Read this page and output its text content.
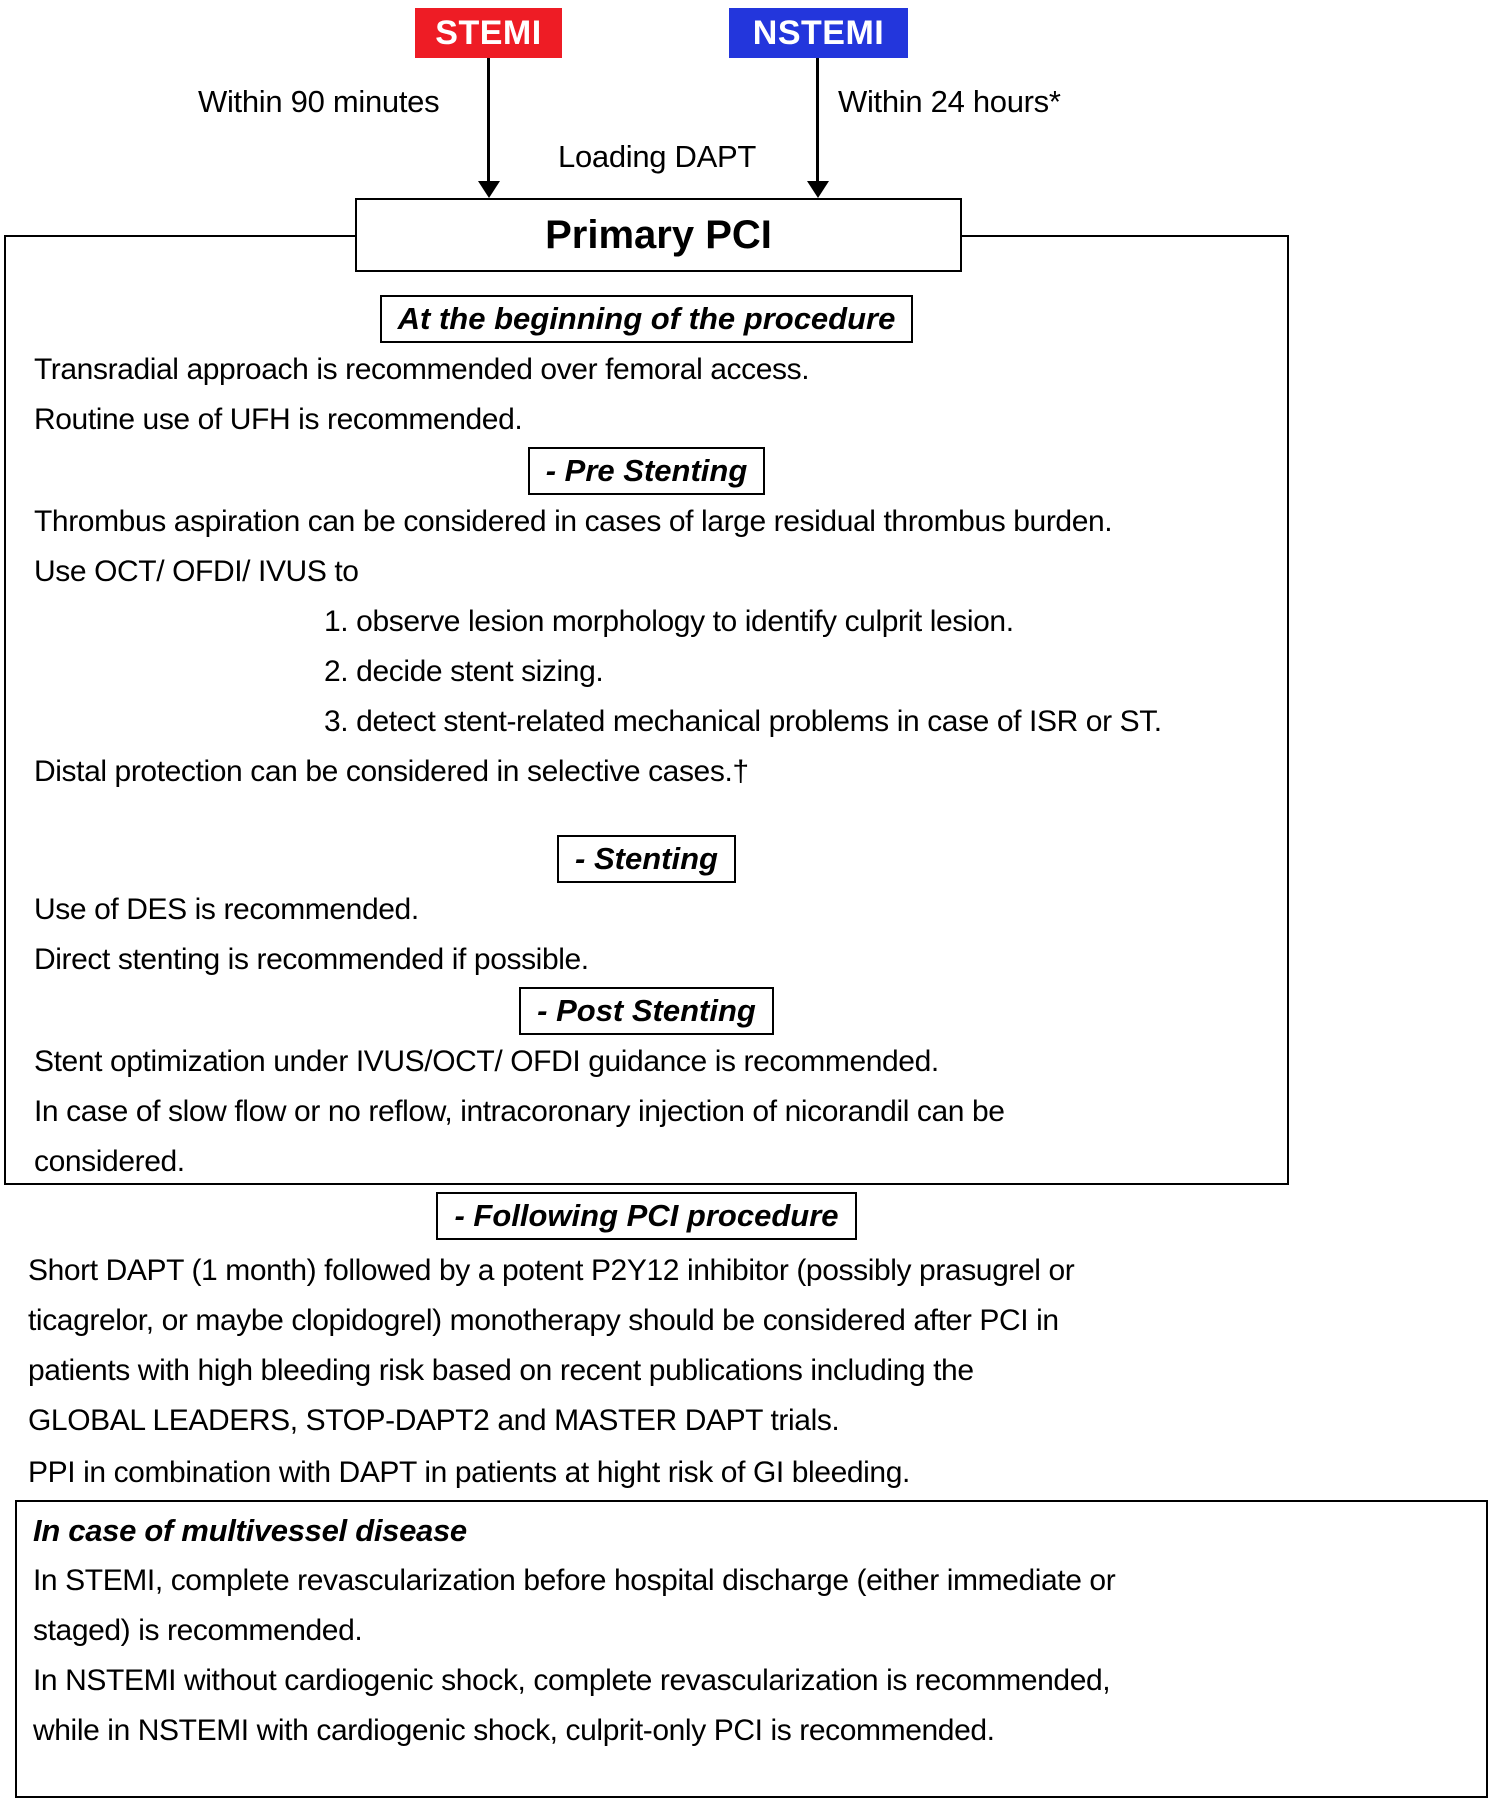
STEMI	NSTEMI
Within 90 minutes	Within 24 hours*
Loading DAPT
Primary PCI
At the beginning of the procedure
Transradial approach is recommended over femoral access.
Routine use of UFH is recommended.
- Pre Stenting
Thrombus aspiration can be considered in cases of large residual thrombus burden.
Use OCT/ OFDI/ IVUS to
1. observe lesion morphology to identify culprit lesion.
2. decide stent sizing.
3. detect stent-related mechanical problems in case of ISR or ST.
Distal protection can be considered in selective cases.†
- Stenting
Use of DES is recommended.
Direct stenting is recommended if possible.
- Post Stenting
Stent optimization under IVUS/OCT/ OFDI guidance is recommended.
In case of slow flow or no reflow, intracoronary injection of nicorandil can be
considered.
- Following PCI procedure
Short DAPT (1 month) followed by a potent P2Y12 inhibitor (possibly prasugrel or
ticagrelor, or maybe clopidogrel) monotherapy should be considered after PCI in
patients with high bleeding risk based on recent publications including the
GLOBAL LEADERS, STOP-DAPT2 and MASTER DAPT trials.
PPI in combination with DAPT in patients at hight risk of GI bleeding.
In case of multivessel disease
In STEMI, complete revascularization before hospital discharge (either immediate or
staged) is recommended.
In NSTEMI without cardiogenic shock, complete revascularization is recommended,
while in NSTEMI with cardiogenic shock, culprit-only PCI is recommended.
